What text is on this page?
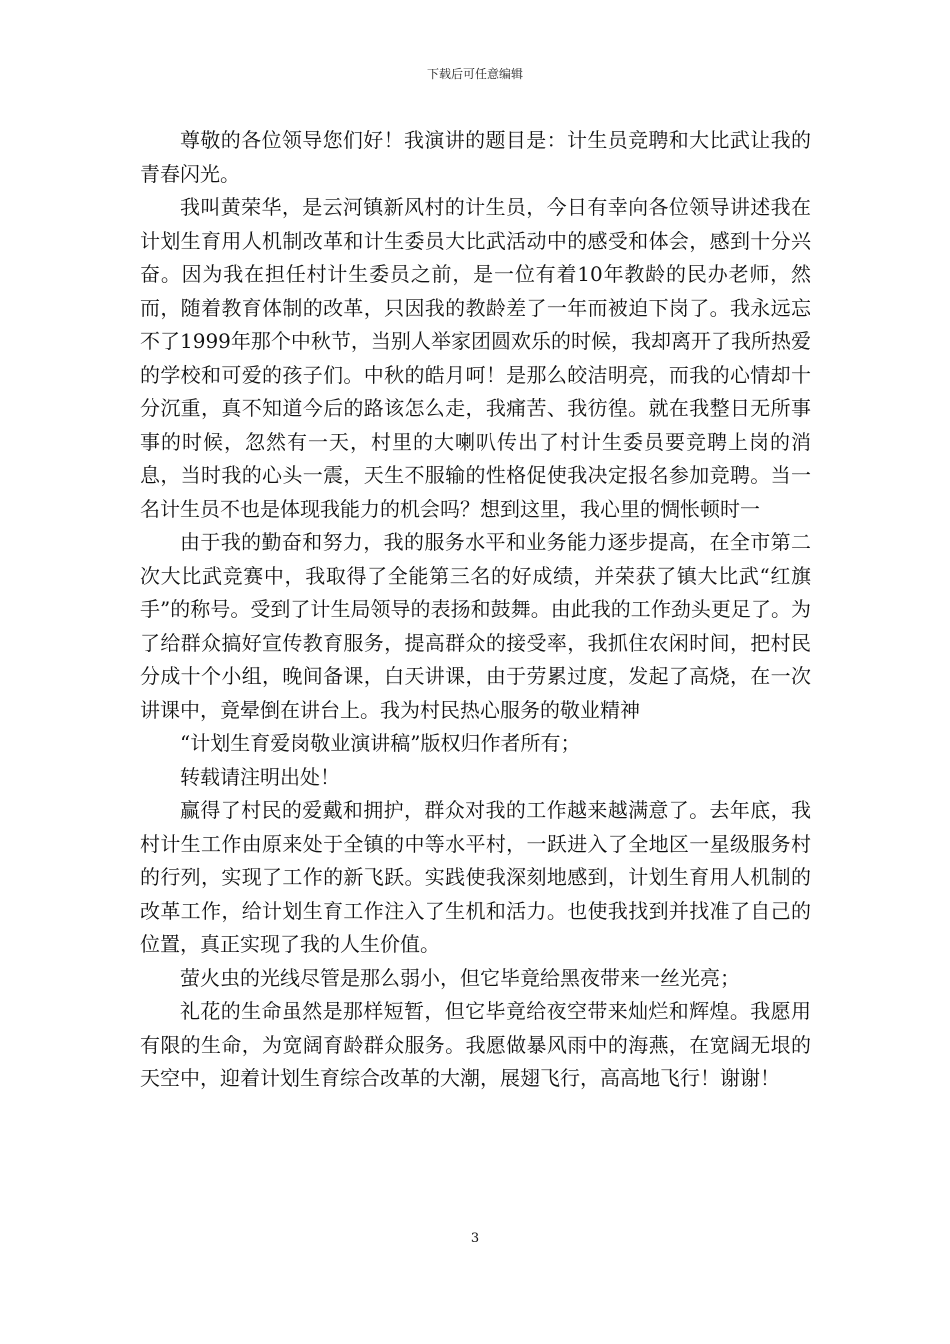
下载后可任意编辑

尊敬的各位领导您们好！我演讲的题目是：计生员竞聘和大比武让我的青春闪光。

我叫黄荣华，是云河镇新风村的计生员，今日有幸向各位领导讲述我在计划生育用人机制改革和计生委员大比武活动中的感受和体会，感到十分兴奋。因为我在担任村计生委员之前，是一位有着10年教龄的民办老师，然而，随着教育体制的改革，只因我的教龄差了一年而被迫下岗了。我永远忘不了1999年那个中秋节，当别人举家团圆欢乐的时候，我却离开了我所热爱的学校和可爱的孩子们。中秋的皓月呵！是那么皎洁明亮，而我的心情却十分沉重，真不知道今后的路该怎么走，我痛苦、我彷徨。就在我整日无所事事的时候，忽然有一天，村里的大喇叭传出了村计生委员要竞聘上岗的消息，当时我的心头一震，天生不服输的性格促使我决定报名参加竞聘。当一名计生员不也是体现我能力的机会吗？想到这里，我心里的惆怅顿时一

由于我的勤奋和努力，我的服务水平和业务能力逐步提高，在全市第二次大比武竞赛中，我取得了全能第三名的好成绩，并荣获了镇大比武“红旗手”的称号。受到了计生局领导的表扬和鼓舞。由此我的工作劲头更足了。为了给群众搞好宣传教育服务，提高群众的接受率，我抓住农闲时间，把村民分成十个小组，晚间备课，白天讲课，由于劳累过度，发起了高烧，在一次讲课中，竟晕倒在讲台上。我为村民热心服务的敬业精神

“计划生育爱岗敬业演讲稿”版权归作者所有；

转载请注明出处！

赢得了村民的爱戴和拥护，群众对我的工作越来越满意了。去年底，我村计生工作由原来处于全镇的中等水平村，一跃进入了全地区一星级服务村的行列，实现了工作的新飞跃。实践使我深刻地感到，计划生育用人机制的改革工作，给计划生育工作注入了生机和活力。也使我找到并找准了自己的位置，真正实现了我的人生价值。

萤火虫的光线尽管是那么弱小，但它毕竟给黑夜带来一丝光亮；

礼花的生命虽然是那样短暂，但它毕竟给夜空带来灿烂和辉煌。我愿用有限的生命，为宽阔育龄群众服务。我愿做暴风雨中的海燕，在宽阔无垠的天空中，迎着计划生育综合改革的大潮，展翅飞行，高高地飞行！谢谢！

3
